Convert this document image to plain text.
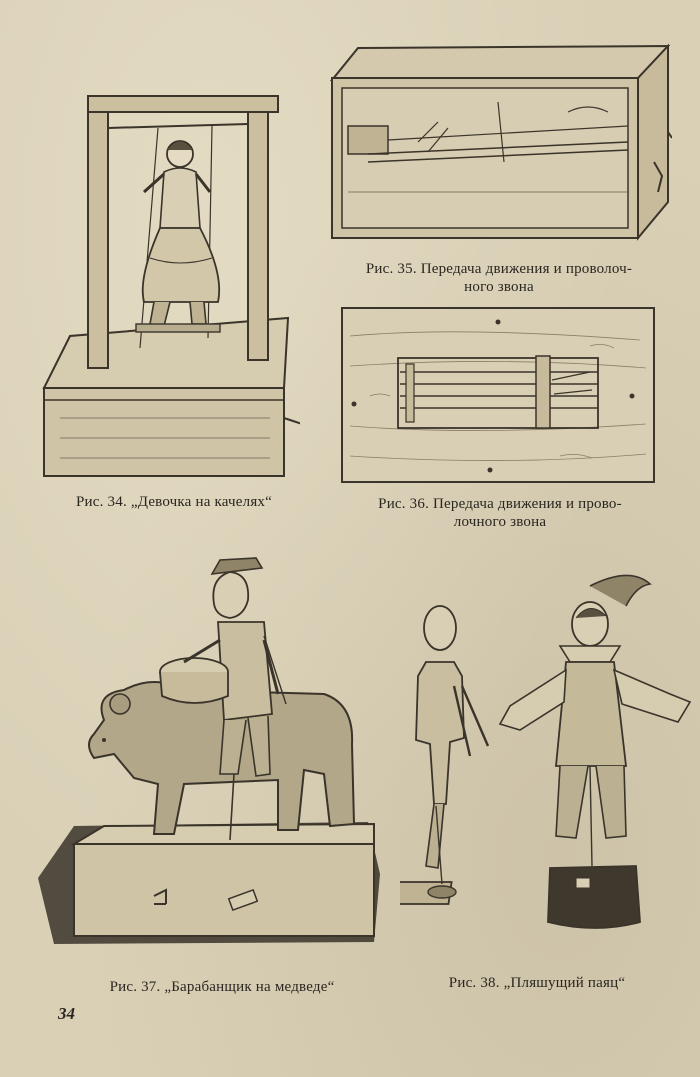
Рис. 34. „Девочка на качелях“
Рис. 35. Передача движения и проволоч-
ного звона
Рис. 36. Передача движения и прово-
лочного звона
Рис. 37. „Барабанщик на медведе“	Рис. 38. „Пляшущий паяц“
34
